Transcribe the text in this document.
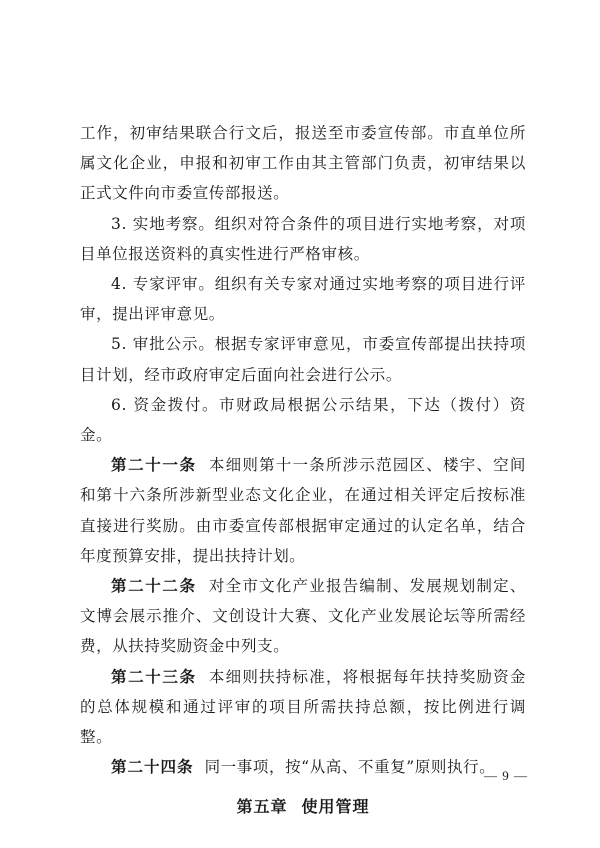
工作，初审结果联合行文后，报送至市委宣传部。市直单位所属文化企业，申报和初审工作由其主管部门负责，初审结果以正式文件向市委宣传部报送。

3. 实地考察。组织对符合条件的项目进行实地考察，对项目单位报送资料的真实性进行严格审核。

4. 专家评审。组织有关专家对通过实地考察的项目进行评审，提出评审意见。

5. 审批公示。根据专家评审意见，市委宣传部提出扶持项目计划，经市政府审定后面向社会进行公示。

6. 资金拨付。市财政局根据公示结果，下达（拨付）资金。

第二十一条 本细则第十一条所涉示范园区、楼宇、空间和第十六条所涉新型业态文化企业，在通过相关评定后按标准直接进行奖励。由市委宣传部根据审定通过的认定名单，结合年度预算安排，提出扶持计划。

第二十二条 对全市文化产业报告编制、发展规划制定、文博会展示推介、文创设计大赛、文化产业发展论坛等所需经费，从扶持奖励资金中列支。

第二十三条 本细则扶持标准，将根据每年扶持奖励资金的总体规模和通过评审的项目所需扶持总额，按比例进行调整。

第二十四条 同一事项，按“从高、不重复”原则执行。

第五章 使用管理
— 9 —
